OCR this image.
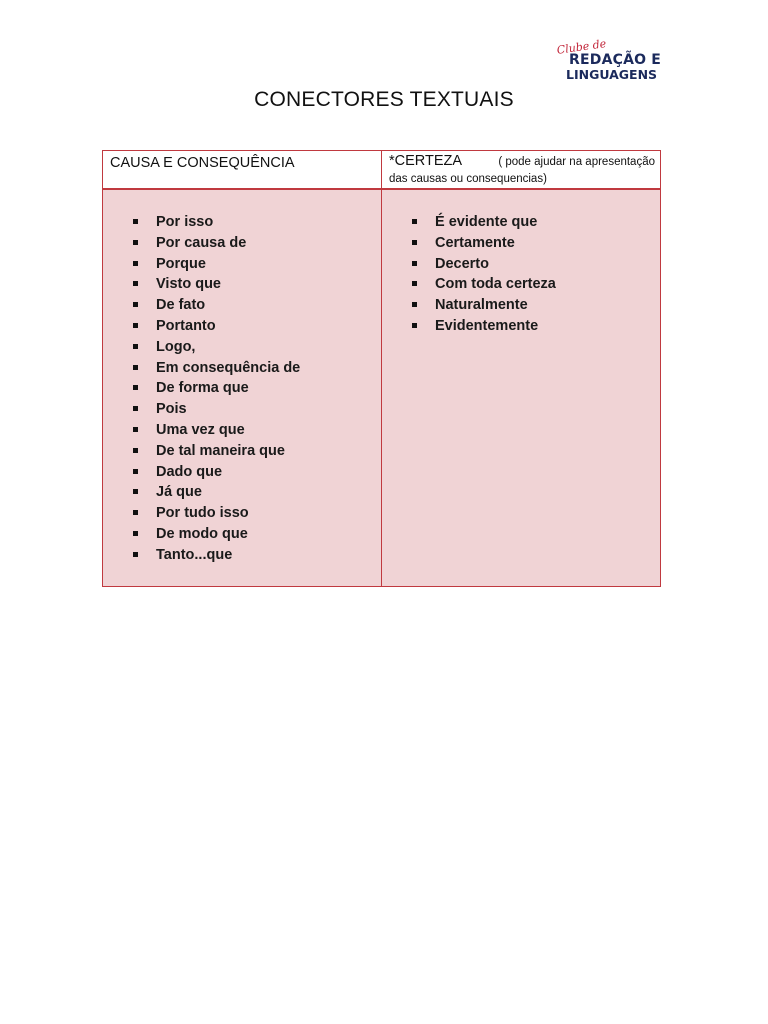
Clube de
REDAÇÃO E
LINGUAGENS
CONECTORES TEXTUAIS
CAUSA E CONSEQUÊNCIA	*CERTEZA	( pode ajudar na apresentação
das causas ou consequencias)
Por isso
Por causa de
Porque
Visto que
De fato
Portanto
Logo,
Em consequência de
De forma que
Pois
Uma vez que
De tal maneira que
Dado que
Já que
Por tudo isso
De modo que
Tanto...que
É evidente que
Certamente
Decerto
Com toda certeza
Naturalmente
Evidentemente
